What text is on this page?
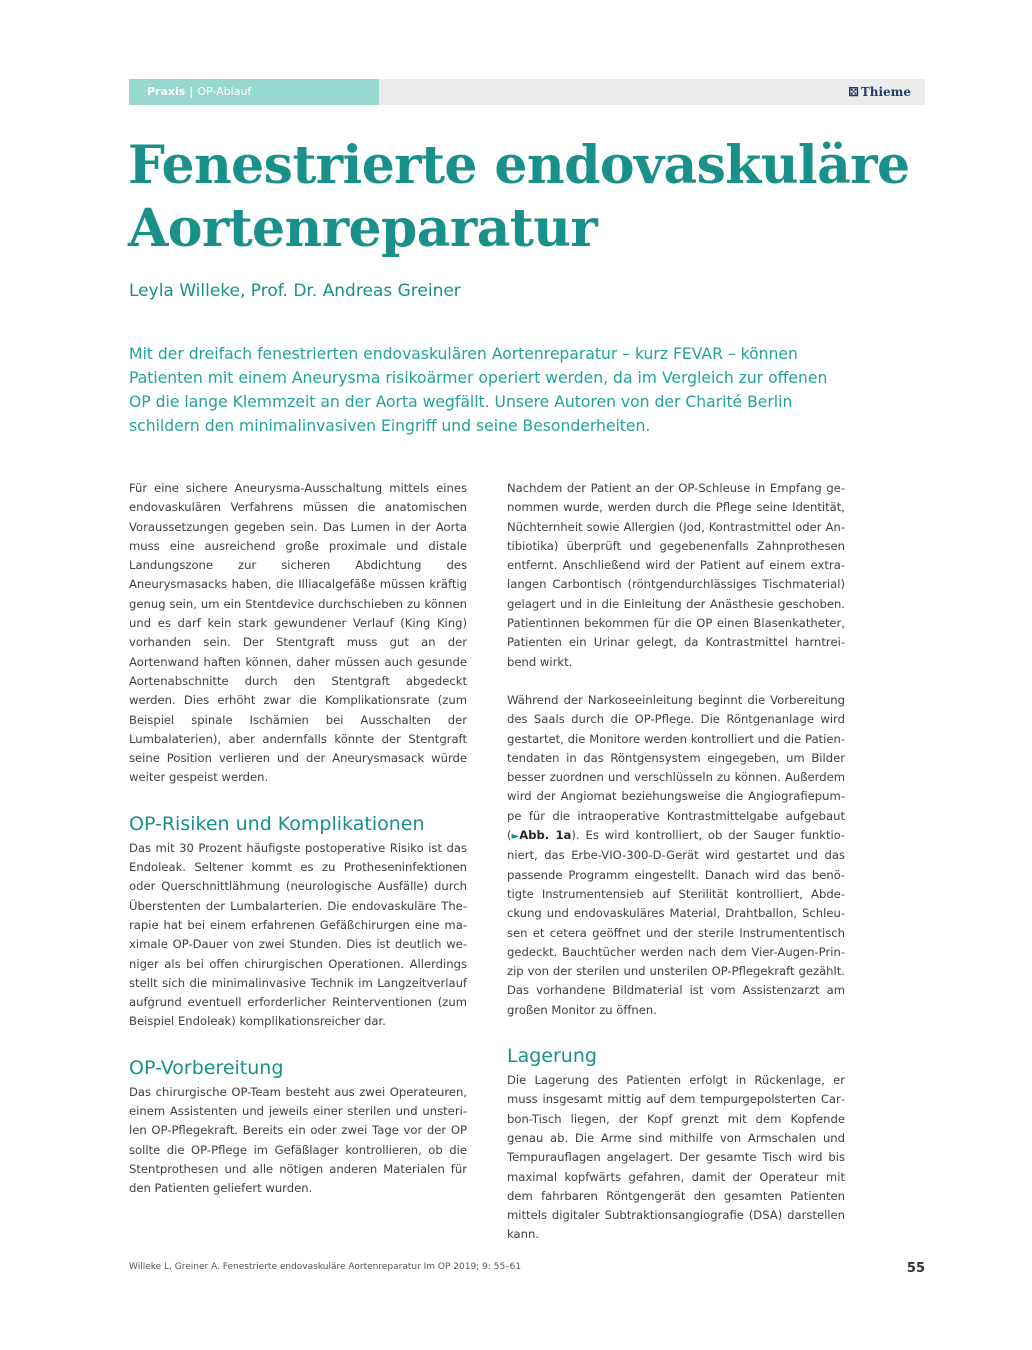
Praxis | OP-Ablauf	⚄ Thieme
Fenestrierte endovaskuläre Aortenreparatur

Leyla Willeke, Prof. Dr. Andreas Greiner

Mit der dreifach fenestrierten endovaskulären Aortenreparatur – kurz FEVAR – können Patienten mit einem Aneurysma risikoärmer operiert werden, da im Vergleich zur offenen OP die lange Klemmzeit an der Aorta wegfällt. Unsere Autoren von der Charité Berlin schildern den minimalinvasiven Eingriff und seine Besonderheiten.

Für eine sichere Aneurysma-Ausschaltung mittels eines endovaskulären Verfahrens müssen die anatomischen Voraussetzungen gegeben sein. Das Lumen in der Aorta muss eine ausreichend große proximale und distale Landungszone zur sicheren Abdichtung des Aneurysmasacks haben, die Illiacalgefäße müssen kräftig genug sein, um ein Stentdevice durchschieben zu können und es darf kein stark gewundener Verlauf (King King) vorhanden sein. Der Stentgraft muss gut an der Aortenwand haften können, daher müssen auch gesunde Aortenabschnitte durch den Stentgraft abgedeckt werden. Dies erhöht zwar die Komplikationsrate (zum Beispiel spinale Ischämien bei Ausschalten der Lumbalaterien), aber andernfalls könnte der Stentgraft seine Position verlieren und der Aneurysmasack würde weiter gespeist werden.

OP-Risiken und Komplikationen

Das mit 30 Prozent häufigste postoperative Risiko ist das Endoleak. Seltener kommt es zu Protheseninfektionen oder Querschnittlähmung (neurologische Ausfälle) durch Überstenten der Lumbalarterien. Die endovaskuläre Therapie hat bei einem erfahrenen Gefäßchirurgen eine maximale OP-Dauer von zwei Stunden. Dies ist deutlich weniger als bei offen chirurgischen Operationen. Allerdings stellt sich die minimalinvasive Technik im Langzeitverlauf aufgrund eventuell erforderlicher Reinterventionen (zum Beispiel Endoleak) komplikationsreicher dar.

OP-Vorbereitung

Das chirurgische OP-Team besteht aus zwei Operateuren, einem Assistenten und jeweils einer sterilen und unsterilen OP-Pflegekraft. Bereits ein oder zwei Tage vor der OP sollte die OP-Pflege im Gefäßlager kontrollieren, ob die Stentprothesen und alle nötigen anderen Materialen für den Patienten geliefert wurden.

Nachdem der Patient an der OP-Schleuse in Empfang genommen wurde, werden durch die Pflege seine Identität, Nüchternheit sowie Allergien (Jod, Kontrastmittel oder Antibiotika) überprüft und gegebenenfalls Zahnprothesen entfernt. Anschließend wird der Patient auf einem extralangen Carbontisch (röntgendurchlässiges Tischmaterial) gelagert und in die Einleitung der Anästhesie geschoben. Patientinnen bekommen für die OP einen Blasenkatheter, Patienten ein Urinar gelegt, da Kontrastmittel harntreibend wirkt.

Während der Narkoseeinleitung beginnt die Vorbereitung des Saals durch die OP-Pflege. Die Röntgenanlage wird gestartet, die Monitore werden kontrolliert und die Patientendaten in das Röntgensystem eingegeben, um Bilder besser zuordnen und verschlüsseln zu können. Außerdem wird der Angiomat beziehungsweise die Angiografiepumpe für die intraoperative Kontrastmittelgabe aufgebaut (►Abb. 1a). Es wird kontrolliert, ob der Sauger funktioniert, das Erbe-VIO-300-D-Gerät wird gestartet und das passende Programm eingestellt. Danach wird das benötigte Instrumentensieb auf Sterilität kontrolliert, Abdeckung und endovaskuläres Material, Drahtballon, Schleusen et cetera geöffnet und der sterile Instrumententisch gedeckt. Bauchtücher werden nach dem Vier-Augen-Prinzip von der sterilen und unsterilen OP-Pflegekraft gezählt. Das vorhandene Bildmaterial ist vom Assistenzarzt am großen Monitor zu öffnen.

Lagerung

Die Lagerung des Patienten erfolgt in Rückenlage, er muss insgesamt mittig auf dem tempurgepolsterten Carbon-Tisch liegen, der Kopf grenzt mit dem Kopfende genau ab. Die Arme sind mithilfe von Armschalen und Tempurauflagen angelagert. Der gesamte Tisch wird bis maximal kopfwärts gefahren, damit der Operateur mit dem fahrbaren Röntgengerät den gesamten Patienten mittels digitaler Subtraktionsangiografie (DSA) darstellen kann.

Willeke L, Greiner A. Fenestrierte endovaskuläre Aortenreparatur Im OP 2019; 9: 55–61	55
